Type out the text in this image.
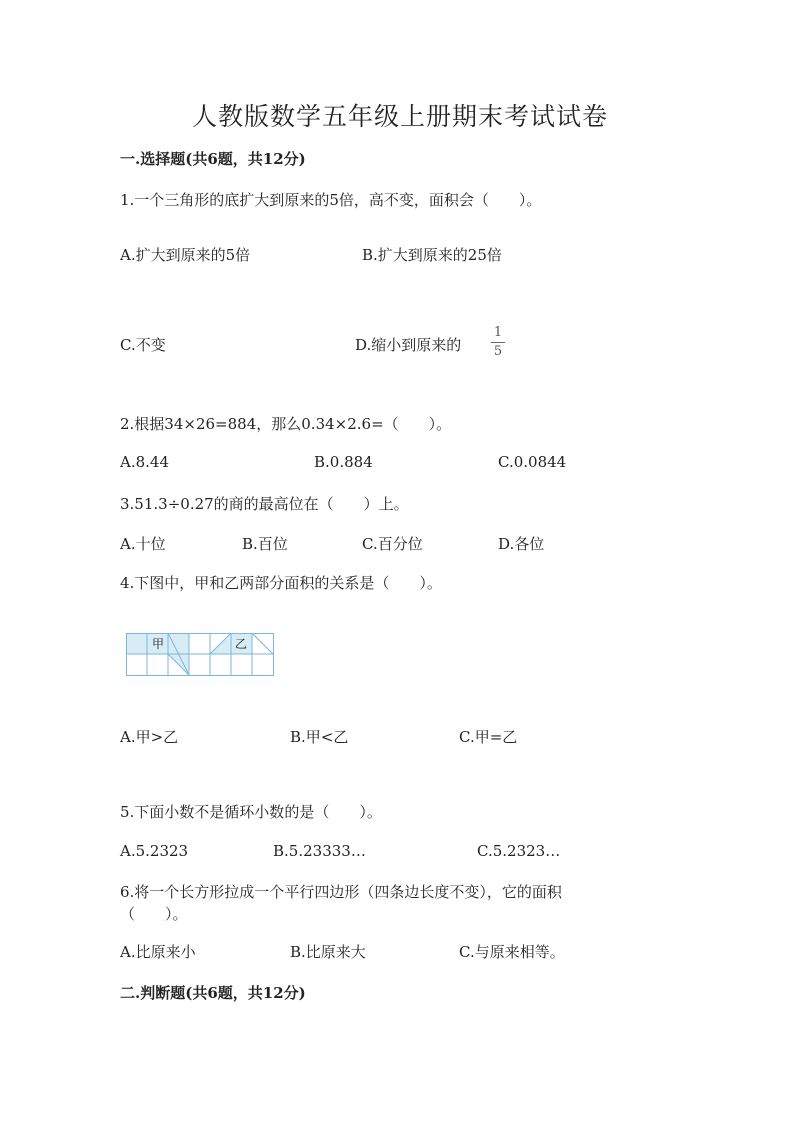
人教版数学五年级上册期末考试试卷
一.选择题(共6题，共12分)
1.一个三角形的底扩大到原来的5倍，高不变，面积会（　　）。
A.扩大到原来的5倍	B.扩大到原来的25倍
C.不变	D.缩小到原来的
1
5
2.根据34×26=884，那么0.34×2.6=（　　）。
A.8.44	B.0.884	C.0.0844
3.51.3÷0.27的商的最高位在（　　）上。
A.十位	B.百位	C.百分位	D.各位
4.下图中，甲和乙两部分面积的关系是（　　）。
甲	乙
A.甲>乙	B.甲<乙	C.甲=乙
5.下面小数不是循环小数的是（　　）。
A.5.2323	B.5.23333…	C.5.2323…
6.将一个长方形拉成一个平行四边形（四条边长度不变），它的面积
（　　）。
A.比原来小	B.比原来大	C.与原来相等。
二.判断题(共6题，共12分)
